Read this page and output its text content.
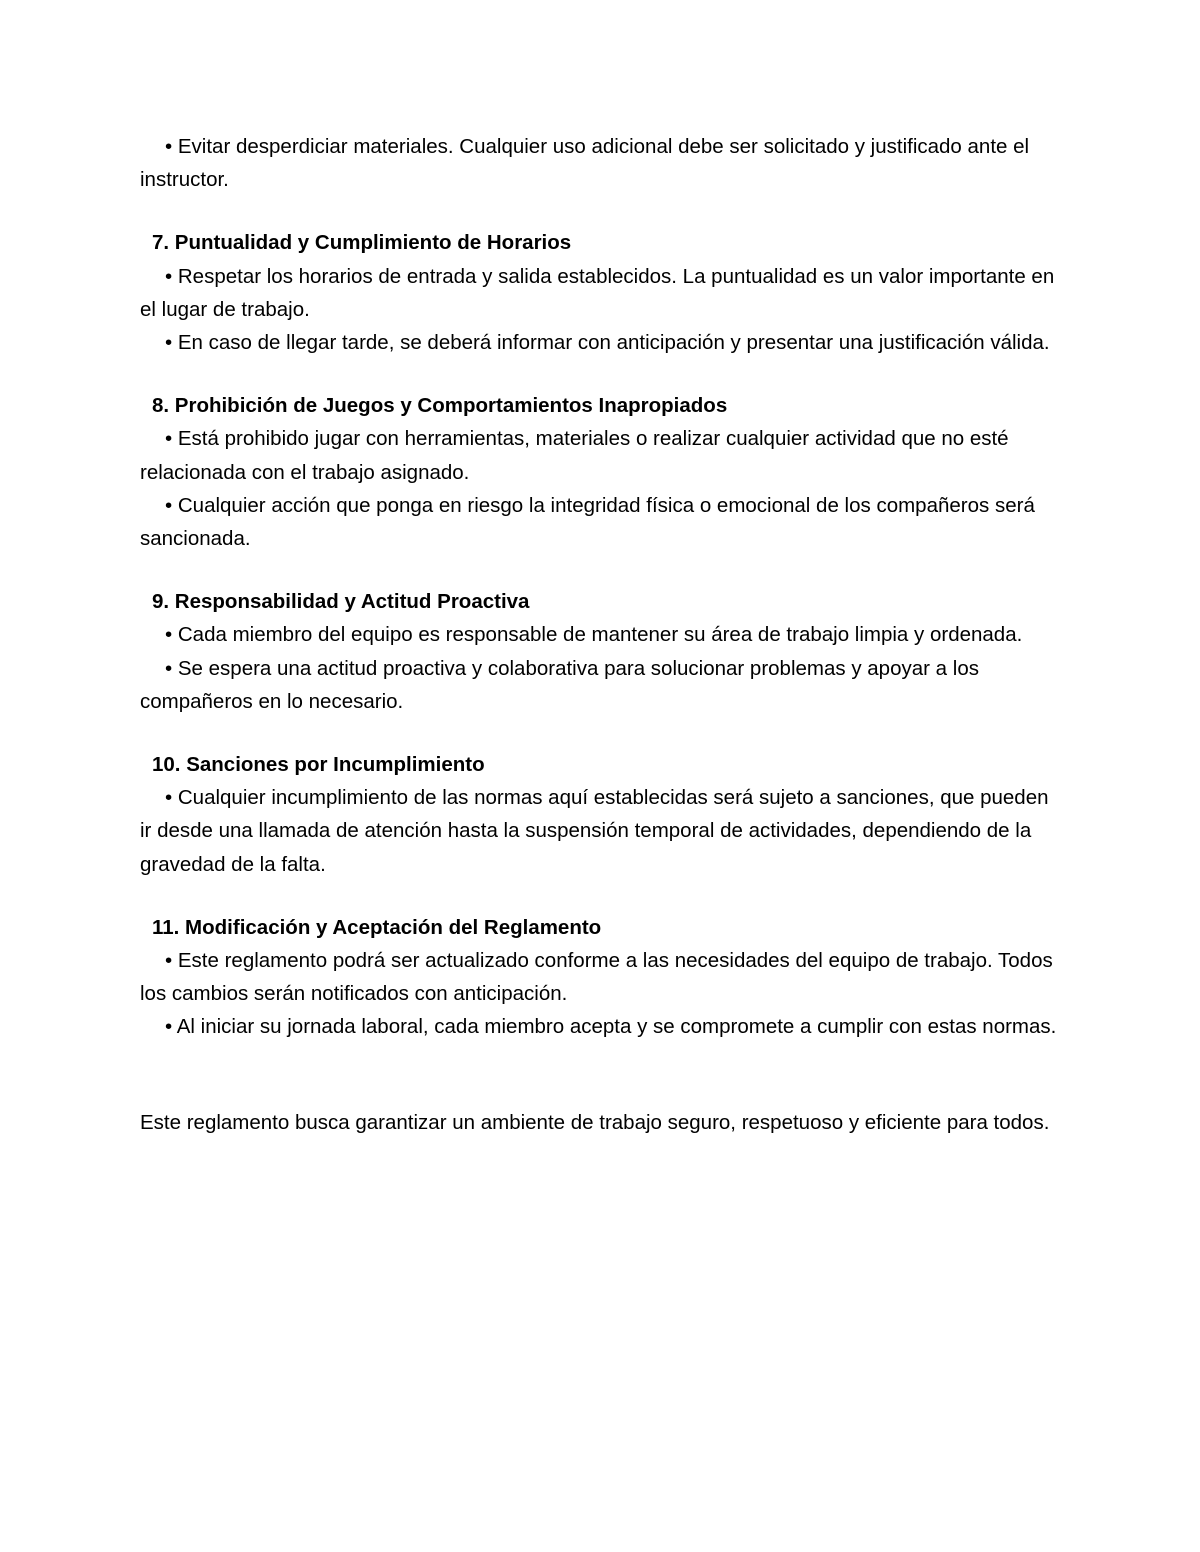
• Evitar desperdiciar materiales. Cualquier uso adicional debe ser solicitado y justificado ante el instructor.

7. Puntualidad y Cumplimiento de Horarios

• Respetar los horarios de entrada y salida establecidos. La puntualidad es un valor importante en el lugar de trabajo.

• En caso de llegar tarde, se deberá informar con anticipación y presentar una justificación válida.

8. Prohibición de Juegos y Comportamientos Inapropiados

• Está prohibido jugar con herramientas, materiales o realizar cualquier actividad que no esté relacionada con el trabajo asignado.

• Cualquier acción que ponga en riesgo la integridad física o emocional de los compañeros será sancionada.

9. Responsabilidad y Actitud Proactiva

• Cada miembro del equipo es responsable de mantener su área de trabajo limpia y ordenada.

• Se espera una actitud proactiva y colaborativa para solucionar problemas y apoyar a los compañeros en lo necesario.

10. Sanciones por Incumplimiento

• Cualquier incumplimiento de las normas aquí establecidas será sujeto a sanciones, que pueden ir desde una llamada de atención hasta la suspensión temporal de actividades, dependiendo de la gravedad de la falta.

11. Modificación y Aceptación del Reglamento

• Este reglamento podrá ser actualizado conforme a las necesidades del equipo de trabajo. Todos los cambios serán notificados con anticipación.

• Al iniciar su jornada laboral, cada miembro acepta y se compromete a cumplir con estas normas.

Este reglamento busca garantizar un ambiente de trabajo seguro, respetuoso y eficiente para todos.
